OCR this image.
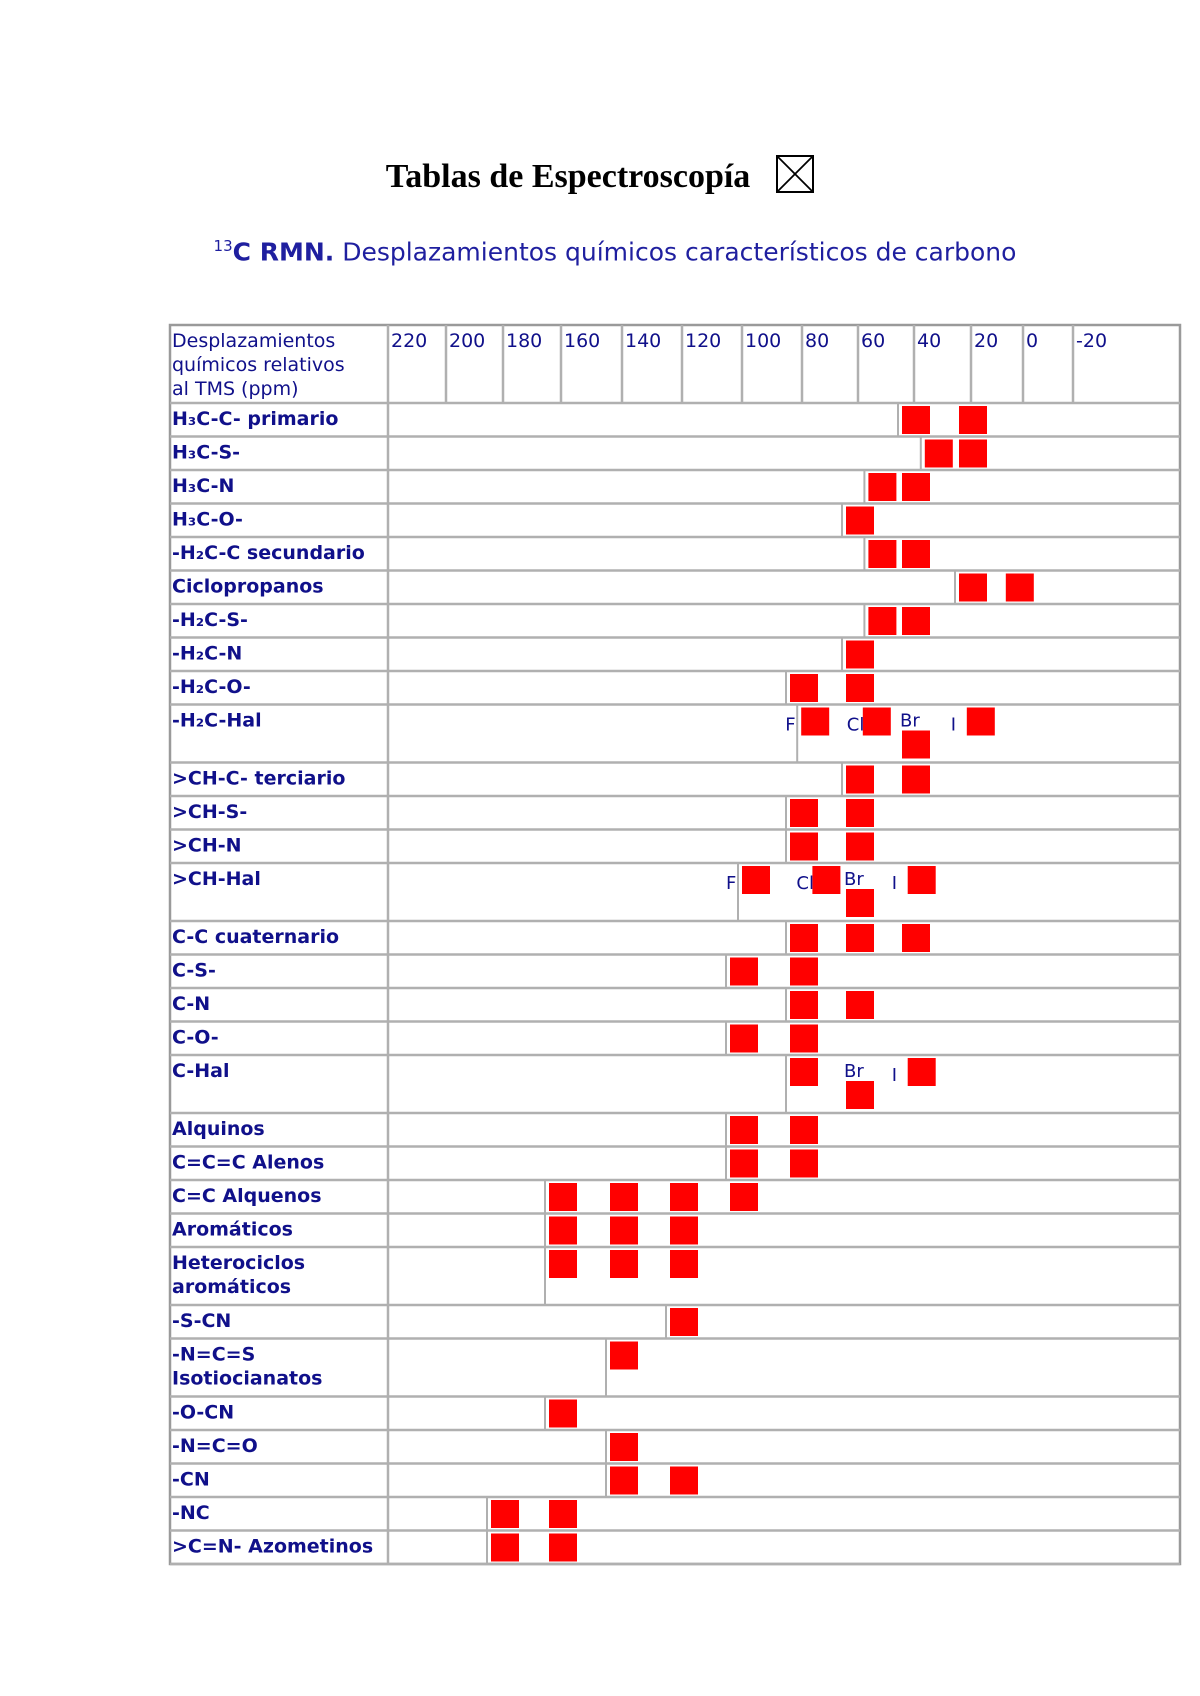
Tablas de Espectroscopía
$^{13}$C RMN. Desplazamientos químicos característicos de carbono
220 200 180 160 140 120 100 80 60 40 20 0 -20
Desplazamientos
químicos relativos
al TMS (ppm)
H₃C-C- primario
H₃C-S-
H₃C-N
H₃C-O-
-H₂C-C secundario
Ciclopropanos
-H₂C-S-
-H₂C-N
-H₂C-O-
-H₂C-Hal	F	Cl Br I
>CH-C- terciario
>CH-S-
>CH-N
>CH-Hal	F	Cl Br I
C-C cuaternario
C-S-
C-N
C-O-
C-Hal	Br I
Alquinos
C=C=C Alenos
C=C Alquenos
Aromáticos
Heterociclos
aromáticos
-S-CN
-N=C=S
Isotiocianatos
-O-CN
-N=C=O
-CN
-NC
>C=N- Azometinos
